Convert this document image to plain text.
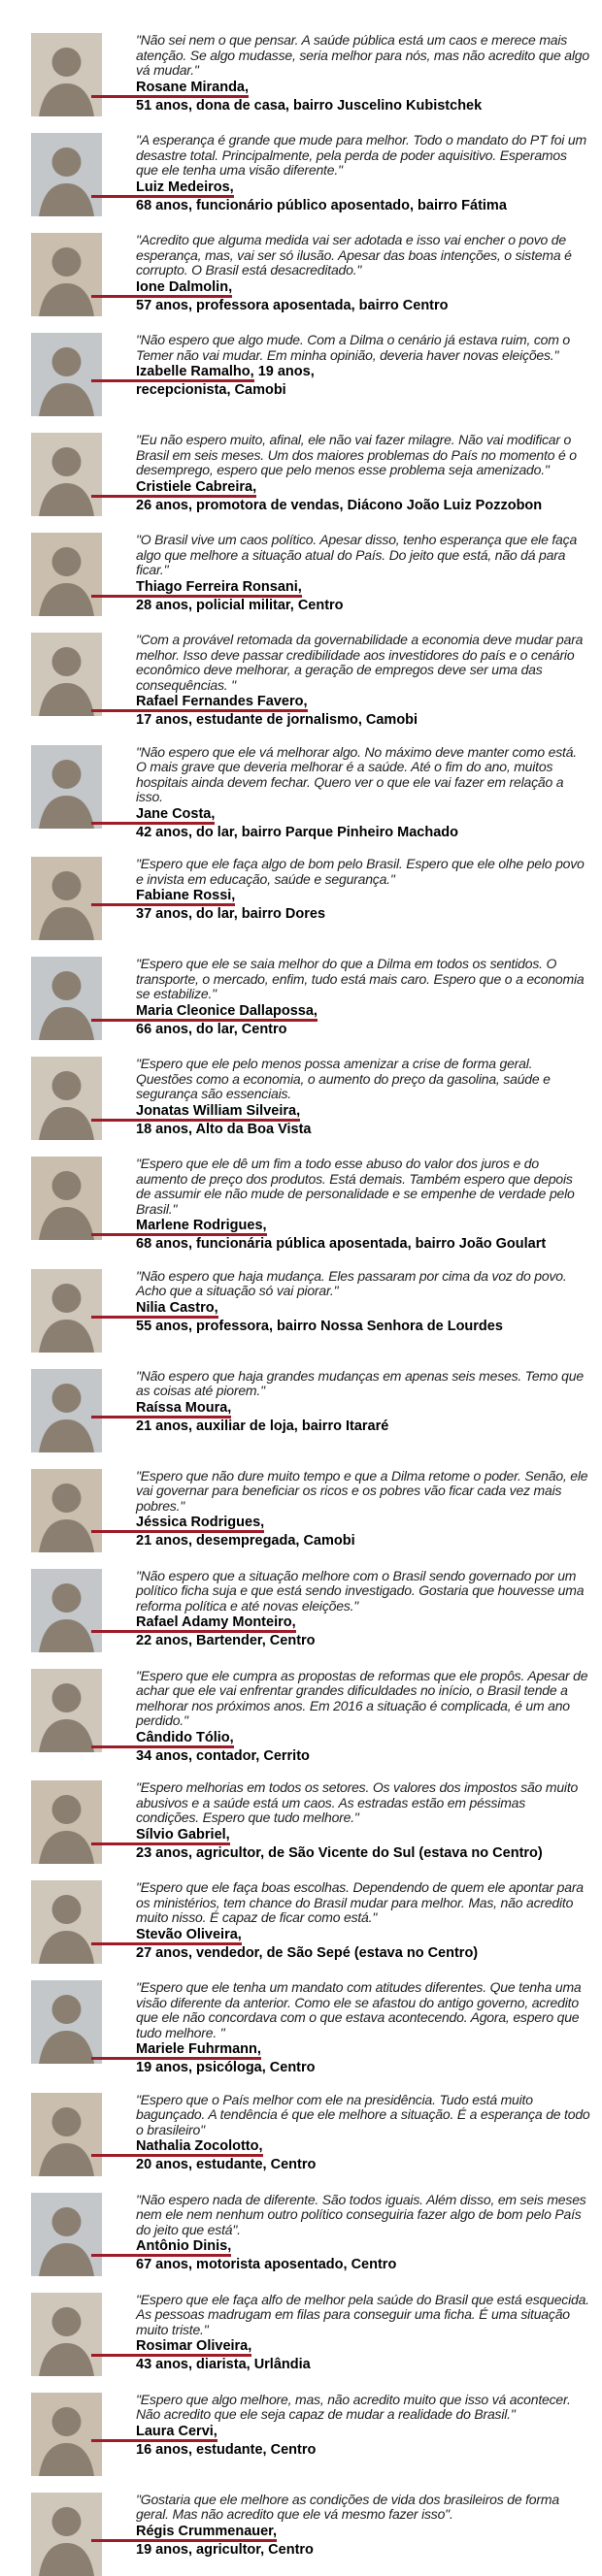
"Não sei nem o que pensar. A saúde pública está um caos e merece mais atenção. Se algo mudasse, seria melhor para nós, mas não acredito que algo vá mudar."
Rosane Miranda,
51 anos, dona de casa, bairro Juscelino Kubistchek
"A esperança é grande que mude para melhor. Todo o mandato do PT foi um desastre total. Principalmente, pela perda de poder aquisitivo. Esperamos que ele tenha uma visão diferente."
Luiz Medeiros,
68 anos, funcionário público aposentado, bairro Fátima
"Acredito que alguma medida vai ser adotada e isso vai encher o povo de esperança, mas, vai ser só ilusão. Apesar das boas intenções, o sistema é corrupto. O Brasil está desacreditado."
Ione Dalmolin,
57 anos, professora aposentada, bairro Centro
"Não espero que algo mude. Com a Dilma o cenário já estava ruim, com o Temer não vai mudar. Em minha opinião, deveria haver novas eleições."
Izabelle Ramalho, 19 anos,
recepcionista, Camobi
"Eu não espero muito, afinal, ele não vai fazer milagre. Não vai modificar o Brasil em seis meses. Um dos maiores problemas do País no momento é o desemprego, espero que pelo menos esse problema seja amenizado."
Cristiele Cabreira,
26 anos, promotora de vendas, Diácono João Luiz Pozzobon
"O Brasil vive um caos político. Apesar disso, tenho esperança que ele faça algo que melhore a situação atual do País. Do jeito que está, não dá para ficar."
Thiago Ferreira Ronsani,
28 anos, policial militar, Centro
"Com a provável retomada da governabilidade a economia deve mudar para melhor. Isso deve passar credibilidade aos investidores do país e o cenário econômico deve melhorar, a geração de empregos deve ser uma das consequências. "
Rafael Fernandes Favero,
17 anos, estudante de jornalismo, Camobi
"Não espero que ele vá melhorar algo. No máximo deve manter como está. O mais grave que deveria melhorar é a saúde. Até o fim do ano, muitos hospitais ainda devem fechar. Quero ver o que ele vai fazer em relação a isso.
Jane Costa,
42 anos, do lar, bairro Parque Pinheiro Machado
"Espero que ele faça algo de bom pelo Brasil. Espero que ele olhe pelo povo e invista em educação, saúde e segurança."
Fabiane Rossi,
37 anos, do lar, bairro Dores
"Espero que ele se saia melhor do que a Dilma em todos os sentidos. O transporte, o mercado, enfim, tudo está mais caro. Espero que o a economia se estabilize."
Maria Cleonice Dallapossa,
66 anos, do lar, Centro
"Espero que ele pelo menos possa amenizar a crise de forma geral. Questões como a economia, o aumento do preço da gasolina, saúde e segurança são essenciais.
Jonatas William Silveira,
18 anos, Alto da Boa Vista
"Espero que ele dê um fim a todo esse abuso do valor dos juros e do aumento de preço dos produtos. Está demais. Também espero que depois de assumir ele não mude de personalidade e se empenhe de verdade pelo Brasil."
Marlene Rodrigues,
68 anos, funcionária pública aposentada, bairro João Goulart
"Não espero que haja mudança. Eles passaram por cima da voz do povo. Acho que a situação só vai piorar."
Nilia Castro,
55 anos, professora, bairro Nossa Senhora de Lourdes
"Não espero que haja grandes mudanças em apenas seis meses. Temo que as coisas até piorem."
Raíssa Moura,
21 anos, auxiliar de loja, bairro Itararé
"Espero que não dure muito tempo e que a Dilma retome o poder. Senão, ele vai governar para beneficiar os ricos e os pobres vão ficar cada vez mais pobres."
Jéssica Rodrigues,
21 anos, desempregada, Camobi
"Não espero que a situação melhore com o Brasil sendo governado por um político ficha suja e que está sendo investigado. Gostaria que houvesse uma reforma política e até novas eleições."
Rafael Adamy Monteiro,
22 anos, Bartender, Centro
"Espero que ele cumpra as propostas de reformas que ele propôs. Apesar de achar que ele vai enfrentar grandes dificuldades no início, o Brasil tende a melhorar nos próximos anos. Em 2016 a situação é complicada, é um ano perdido."
Cândido Tólio,
34 anos, contador, Cerrito
"Espero melhorias em todos os setores. Os valores dos impostos são muito abusivos e a saúde está um caos. As estradas estão em péssimas condições. Espero que tudo melhore."
Sílvio Gabriel,
23 anos, agricultor, de São Vicente do Sul (estava no Centro)
"Espero que ele faça boas escolhas. Dependendo de quem ele apontar para os ministérios, tem chance do Brasil mudar para melhor. Mas, não acredito muito nisso. É capaz de ficar como está."
Stevão Oliveira,
27 anos, vendedor, de São Sepé (estava no Centro)
"Espero que ele tenha um mandato com atitudes diferentes. Que tenha uma visão diferente da anterior. Como ele se afastou do antigo governo, acredito que ele não concordava com o que estava acontecendo. Agora, espero que tudo melhore. "
Mariele Fuhrmann,
19 anos, psicóloga, Centro
"Espero que o País melhor com ele na presidência. Tudo está muito bagunçado. A tendência é que ele melhore a situação. É a esperança de todo o brasileiro"
Nathalia Zocolotto,
20 anos, estudante, Centro
"Não espero nada de diferente. São todos iguais. Além disso, em seis meses nem ele nem nenhum outro político conseguiria fazer algo de bom pelo País do jeito que está".
Antônio Dinis,
67 anos, motorista aposentado, Centro
"Espero que ele faça alfo de melhor pela saúde do Brasil que está esquecida. As pessoas madrugam em filas para conseguir uma ficha. É uma situação muito triste."
Rosimar Oliveira,
43 anos, diarista, Urlândia
"Espero que algo melhore, mas, não acredito muito que isso vá acontecer. Não acredito que ele seja capaz de mudar a realidade do Brasil."
Laura Cervi,
16 anos, estudante, Centro
"Gostaria que ele melhore as condições de vida dos brasileiros de forma geral. Mas não acredito que ele vá mesmo fazer isso".
Régis Crummenauer,
19 anos, agricultor, Centro
